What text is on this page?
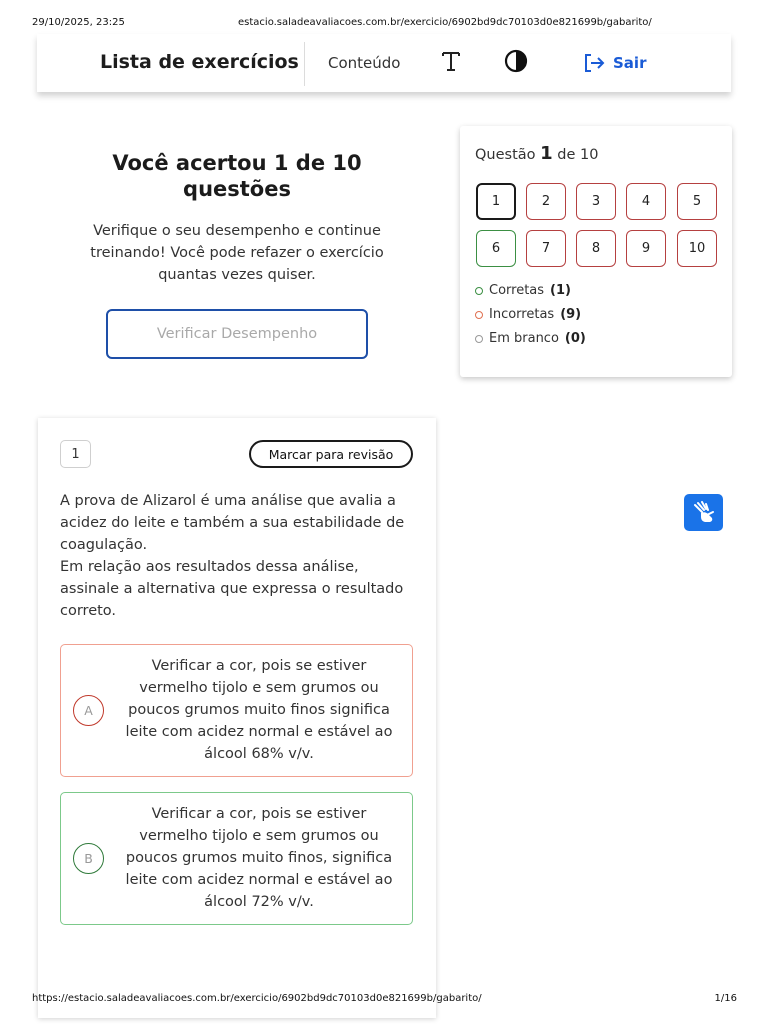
29/10/2025, 23:25	estacio.saladeavaliacoes.com.br/exercicio/6902bd9dc70103d0e821699b/gabarito/
Lista de exercícios Conteúdo	Sair
Você acertou 1 de 10 questões

Verifique o seu desempenho e continue treinando! Você pode refazer o exercício quantas vezes quiser.

Verificar Desempenho
Questão 1 de 10
1	2	3	4	5
6	7	8	9	10
Corretas (1)
Incorretas (9)
Em branco (0)
1	Marcar para revisão
A prova de Alizarol é uma análise que avalia a acidez do leite e também a sua estabilidade de coagulação.
Em relação aos resultados dessa análise, assinale a alternativa que expressa o resultado correto.
A
Verificar a cor, pois se estiver vermelho tijolo e sem grumos ou poucos grumos muito finos significa leite com acidez normal e estável ao álcool 68% v/v.
B
Verificar a cor, pois se estiver vermelho tijolo e sem grumos ou poucos grumos muito finos, significa leite com acidez normal e estável ao álcool 72% v/v.
https://estacio.saladeavaliacoes.com.br/exercicio/6902bd9dc70103d0e821699b/gabarito/	1/16
